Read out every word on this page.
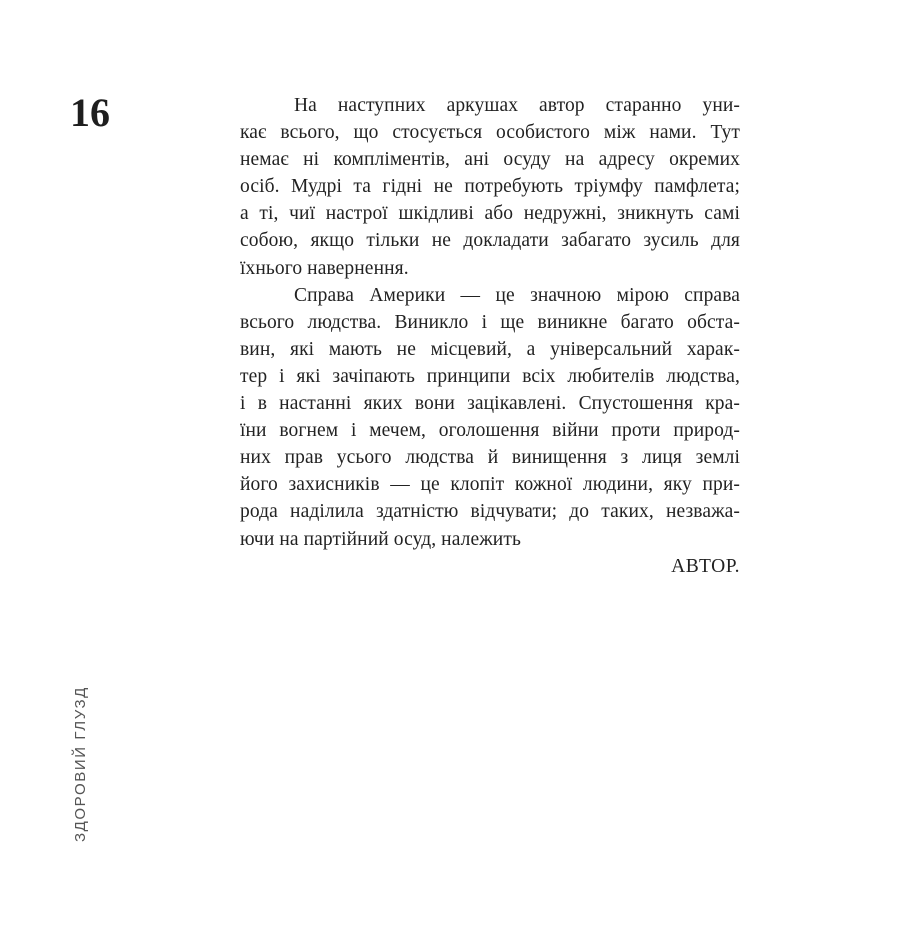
16	На наступних аркушах автор старанно уни-
кає всього, що стосується особистого між нами. Тут
немає ні компліментів, ані осуду на адресу окремих
осіб. Мудрі та гідні не потребують тріумфу памфлета;
а ті, чиї настрої шкідливі або недружні, зникнуть самі
собою, якщо тільки не докладати забагато зусиль для
їхнього навернення.
Справа Америки — це значною мірою справа
всього людства. Виникло і ще виникне багато обста-
вин, які мають не місцевий, а універсальний харак-
тер і які зачіпають принципи всіх любителів людства,
і в настанні яких вони зацікавлені. Спустошення кра-
їни вогнем і мечем, оголошення війни проти природ-
них прав усього людства й винищення з лиця землі
його захисників — це клопіт кожної людини, яку при-
рода наділила здатністю відчувати; до таких, незважа-
ючи на партійний осуд, належить
АВТОР.
ЗДОРОВИЙ ГЛУЗД
